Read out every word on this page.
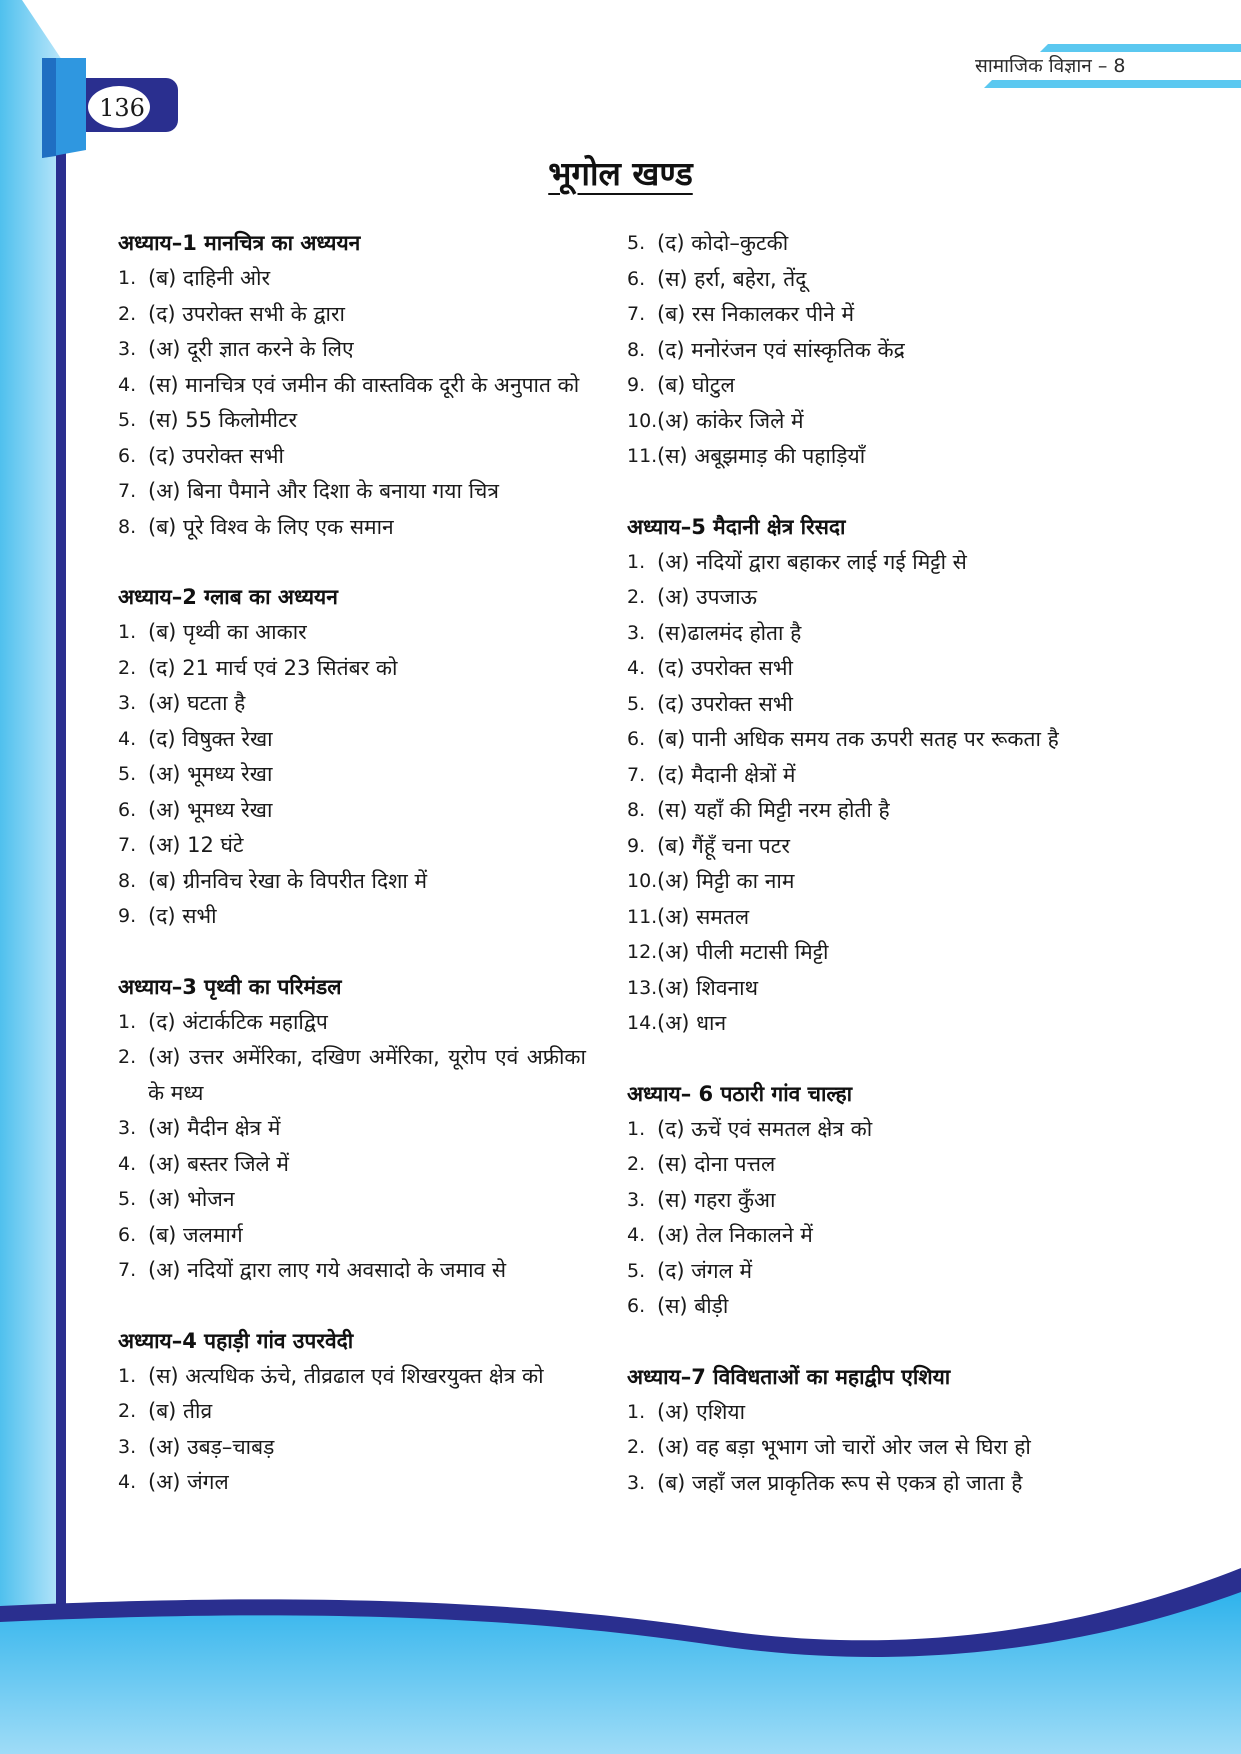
सामाजिक विज्ञान – 8
136
भूगोल खण्ड
अध्याय–1 मानचित्र का अध्ययन
1. (ब) दाहिनी ओर
2. (द) उपरोक्त सभी के द्वारा
3. (अ) दूरी ज्ञात करने के लिए
4. (स) मानचित्र एवं जमीन की वास्तविक दूरी के अनुपात को
5. (स) 55 किलोमीटर
6. (द) उपरोक्त सभी
7. (अ) बिना पैमाने और दिशा के बनाया गया चित्र
8. (ब) पूरे विश्व के लिए एक समान
अध्याय–2 ग्लाब का अध्ययन
1. (ब) पृथ्वी का आकार
2. (द) 21 मार्च एवं 23 सितंबर को
3. (अ) घटता है
4. (द) विषुक्त रेखा
5. (अ) भूमध्य रेखा
6. (अ) भूमध्य रेखा
7. (अ) 12 घंटे
8. (ब) ग्रीनविच रेखा के विपरीत दिशा में
9. (द) सभी
अध्याय–3 पृथ्वी का परिमंडल
1. (द) अंटार्कटिक महाद्विप
2. (अ) उत्तर अमेंरिका, दखिण अमेंरिका, यूरोप एवं अफ्रीका के मध्य
3. (अ) मैदीन क्षेत्र में
4. (अ) बस्तर जिले में
5. (अ) भोजन
6. (ब) जलमार्ग
7. (अ) नदियों द्वारा लाए गये अवसादो के जमाव से
अध्याय–4 पहाड़ी गांव उपरवेदी
1. (स) अत्यधिक ऊंचे, तीव्रढाल एवं शिखरयुक्त क्षेत्र को
2. (ब) तीव्र
3. (अ) उबड़–चाबड़
4. (अ) जंगल
5. (द) कोदो–कुटकी
6. (स) हर्रा, बहेरा, तेंदू
7. (ब) रस निकालकर पीने में
8. (द) मनोरंजन एवं सांस्कृतिक केंद्र
9. (ब) घोटुल
10. (अ) कांकेर जिले में
11. (स) अबूझमाड़ की पहाड़ियाँ
अध्याय–5 मैदानी क्षेत्र रिसदा
1. (अ) नदियों द्वारा बहाकर लाई गई मिट्टी से
2. (अ) उपजाऊ
3. (स)ढालमंद होता है
4. (द) उपरोक्त सभी
5. (द) उपरोक्त सभी
6. (ब) पानी अधिक समय तक ऊपरी सतह पर रूकता है
7. (द) मैदानी क्षेत्रों में
8. (स) यहाँ की मिट्टी नरम होती है
9. (ब) गैंहूँ चना पटर
10. (अ) मिट्टी का नाम
11. (अ) समतल
12. (अ) पीली मटासी मिट्टी
13. (अ) शिवनाथ
14. (अ) धान
अध्याय– 6 पठारी गांव चाल्हा
1. (द) ऊचें एवं समतल क्षेत्र को
2. (स) दोना पत्तल
3. (स) गहरा कुँआ
4. (अ) तेल निकालने में
5. (द) जंगल में
6. (स) बीड़ी
अध्याय–7 विविधताओं का महाद्वीप एशिया
1. (अ) एशिया
2. (अ) वह बड़ा भूभाग जो चारों ओर जल से घिरा हो
3. (ब) जहाँ जल प्राकृतिक रूप से एकत्र हो जाता है
